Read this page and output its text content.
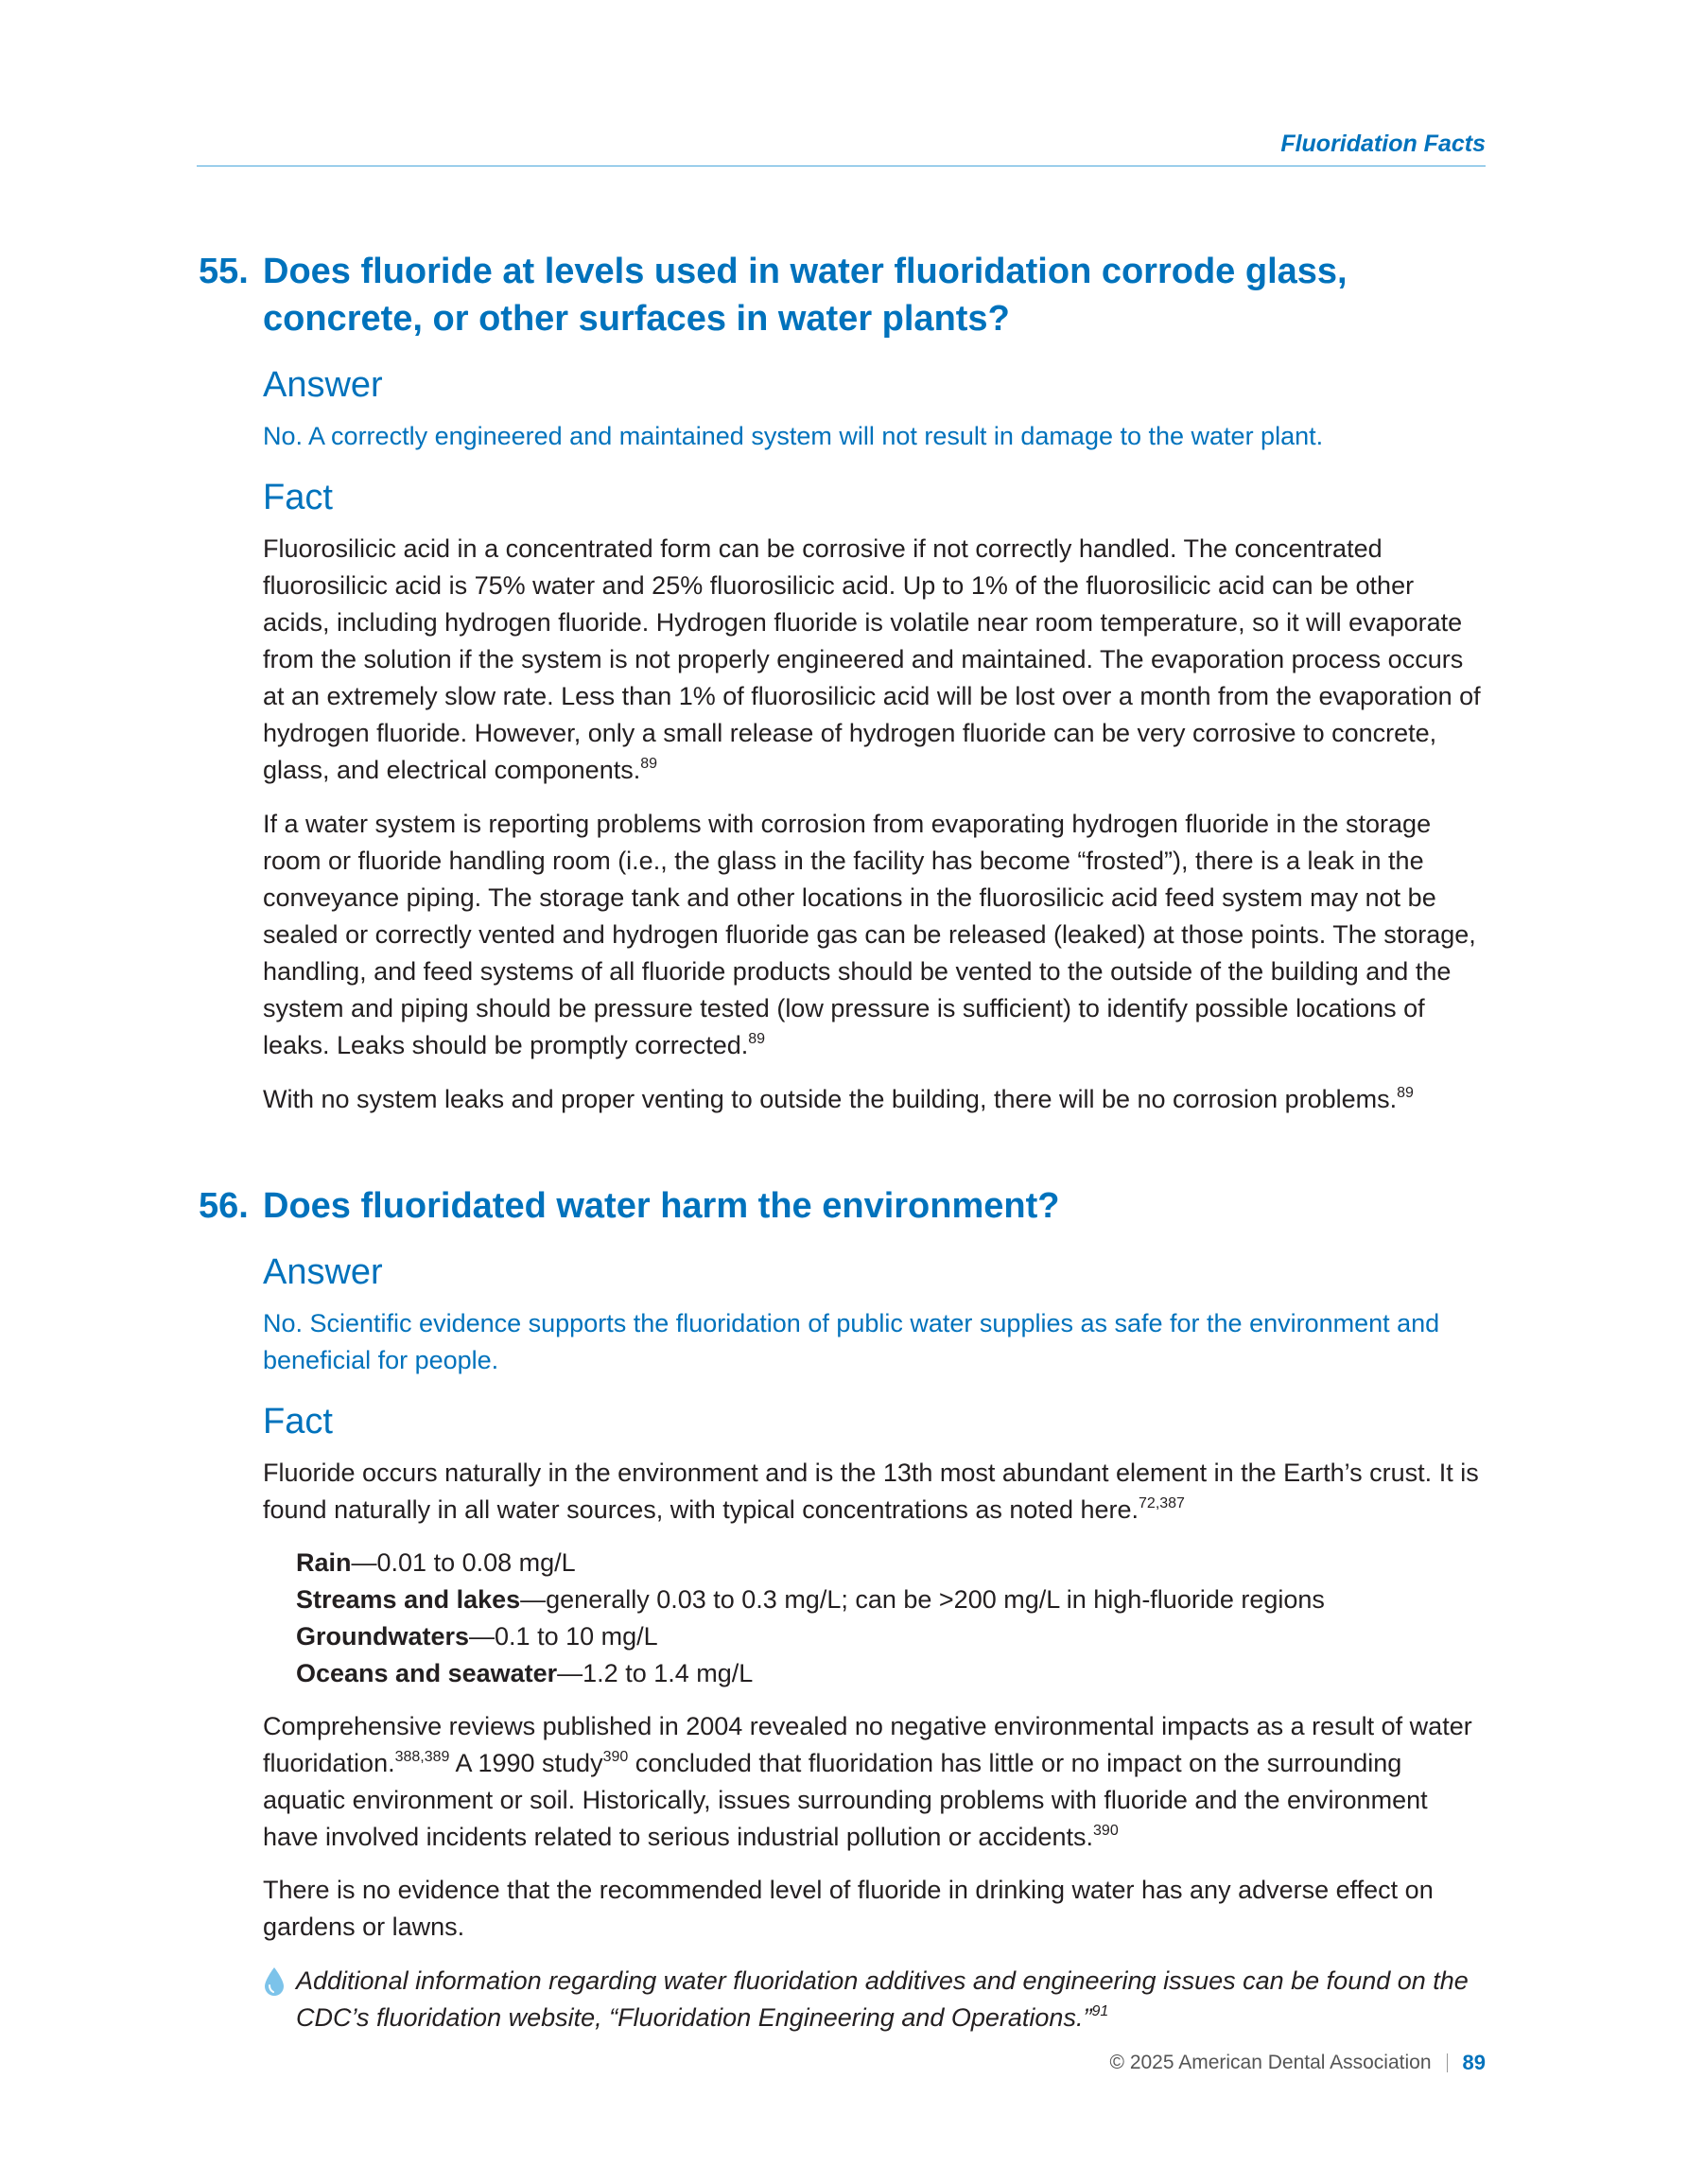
Fluoridation Facts
55. Does fluoride at levels used in water fluoridation corrode glass, concrete, or other surfaces in water plants?
Answer

No. A correctly engineered and maintained system will not result in damage to the water plant.

Fact

Fluorosilicic acid in a concentrated form can be corrosive if not correctly handled. The concentrated fluorosilicic acid is 75% water and 25% fluorosilicic acid. Up to 1% of the fluorosilicic acid can be other acids, including hydrogen fluoride. Hydrogen fluoride is volatile near room temperature, so it will evaporate from the solution if the system is not properly engineered and maintained. The evaporation process occurs at an extremely slow rate. Less than 1% of fluorosilicic acid will be lost over a month from the evaporation of hydrogen fluoride. However, only a small release of hydrogen fluoride can be very corrosive to concrete, glass, and electrical components.$^{89}$

If a water system is reporting problems with corrosion from evaporating hydrogen fluoride in the storage room or fluoride handling room (i.e., the glass in the facility has become “frosted”), there is a leak in the conveyance piping. The storage tank and other locations in the fluorosilicic acid feed system may not be sealed or correctly vented and hydrogen fluoride gas can be released (leaked) at those points. The storage, handling, and feed systems of all fluoride products should be vented to the outside of the building and the system and piping should be pressure tested (low pressure is sufficient) to identify possible locations of leaks. Leaks should be promptly corrected.$^{89}$

With no system leaks and proper venting to outside the building, there will be no corrosion problems.$^{89}$

56. Does fluoridated water harm the environment?
Answer

No. Scientific evidence supports the fluoridation of public water supplies as safe for the environment and beneficial for people.

Fact

Fluoride occurs naturally in the environment and is the 13th most abundant element in the Earth’s crust. It is found naturally in all water sources, with typical concentrations as noted here.$^{72,387}$

Rain—0.01 to 0.08 mg/L
Streams and lakes—generally 0.03 to 0.3 mg/L; can be >200 mg/L in high-fluoride regions
Groundwaters—0.1 to 10 mg/L
Oceans and seawater—1.2 to 1.4 mg/L

Comprehensive reviews published in 2004 revealed no negative environmental impacts as a result of water fluoridation.$^{388,389}$ A 1990 study$^{390}$ concluded that fluoridation has little or no impact on the surrounding aquatic environment or soil. Historically, issues surrounding problems with fluoride and the environment have involved incidents related to serious industrial pollution or accidents.$^{390}$

There is no evidence that the recommended level of fluoride in drinking water has any adverse effect on gardens or lawns.

Additional information regarding water fluoridation additives and engineering issues can be found on the CDC’s fluoridation website, “Fluoridation Engineering and Operations.”$^{91}$
© 2025 American Dental Association 89
